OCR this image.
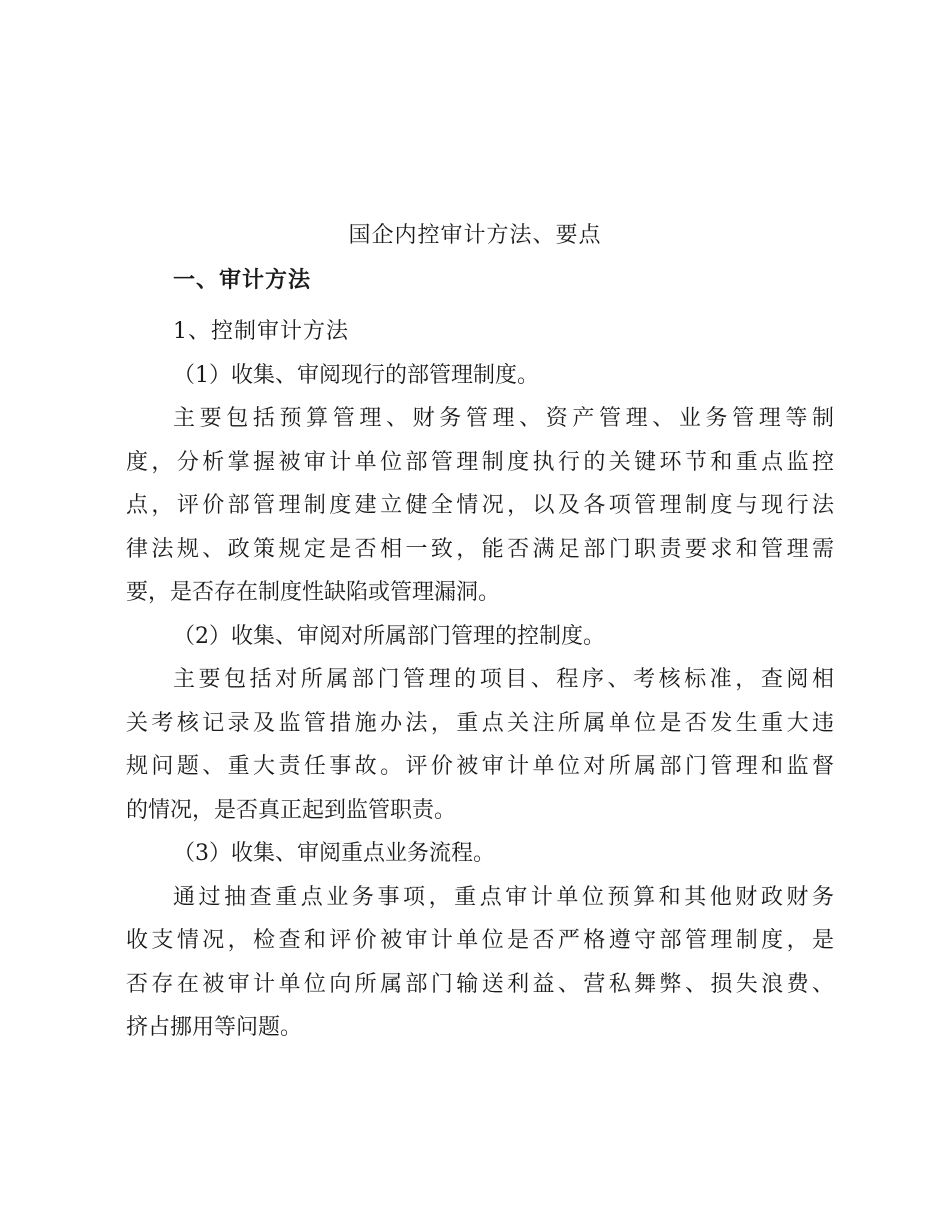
国企内控审计方法、要点
一、审计方法
1、控制审计方法
（1）收集、审阅现行的部管理制度。
主要包括预算管理、财务管理、资产管理、业务管理等制
度，分析掌握被审计单位部管理制度执行的关键环节和重点监控
点，评价部管理制度建立健全情况，以及各项管理制度与现行法
律法规、政策规定是否相一致，能否满足部门职责要求和管理需
要，是否存在制度性缺陷或管理漏洞。
（2）收集、审阅对所属部门管理的控制度。
主要包括对所属部门管理的项目、程序、考核标准，查阅相
关考核记录及监管措施办法，重点关注所属单位是否发生重大违
规问题、重大责任事故。评价被审计单位对所属部门管理和监督
的情况，是否真正起到监管职责。
（3）收集、审阅重点业务流程。
通过抽查重点业务事项，重点审计单位预算和其他财政财务
收支情况，检查和评价被审计单位是否严格遵守部管理制度，是
否存在被审计单位向所属部门输送利益、营私舞弊、损失浪费、
挤占挪用等问题。
